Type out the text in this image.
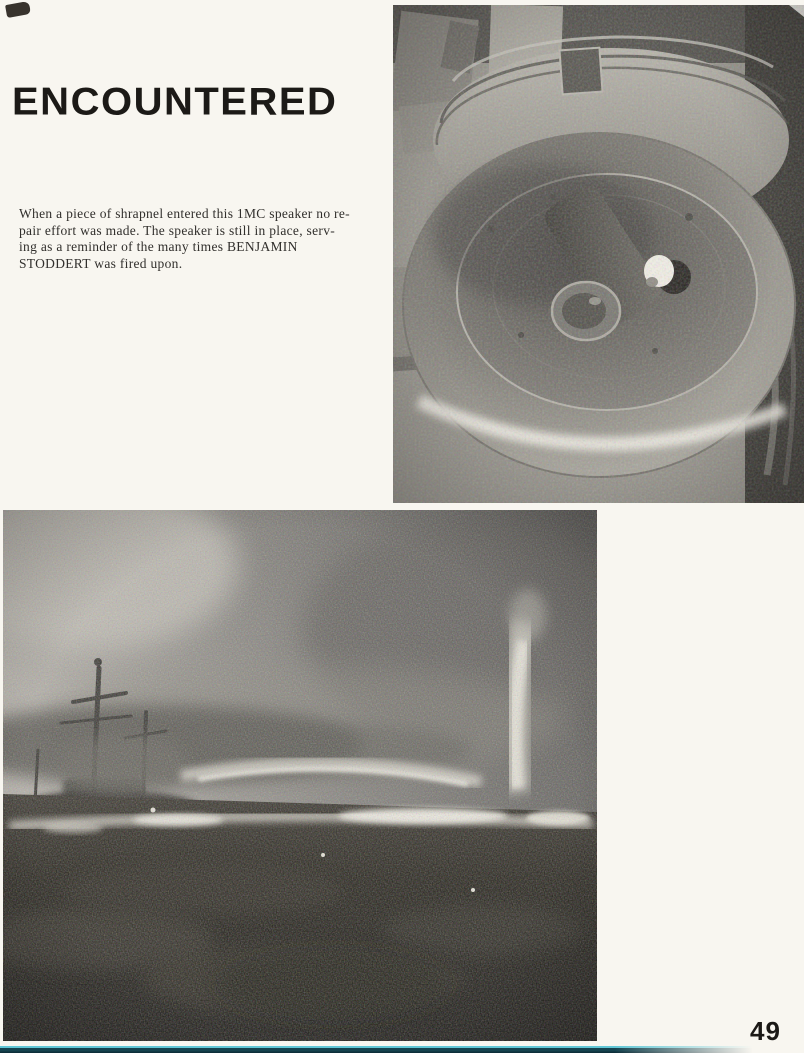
ENCOUNTERED
When a piece of shrapnel entered this 1MC speaker no re-
pair effort was made. The speaker is still in place, serv-
ing as a reminder of the many times BENJAMIN
STODDERT was fired upon.
49
